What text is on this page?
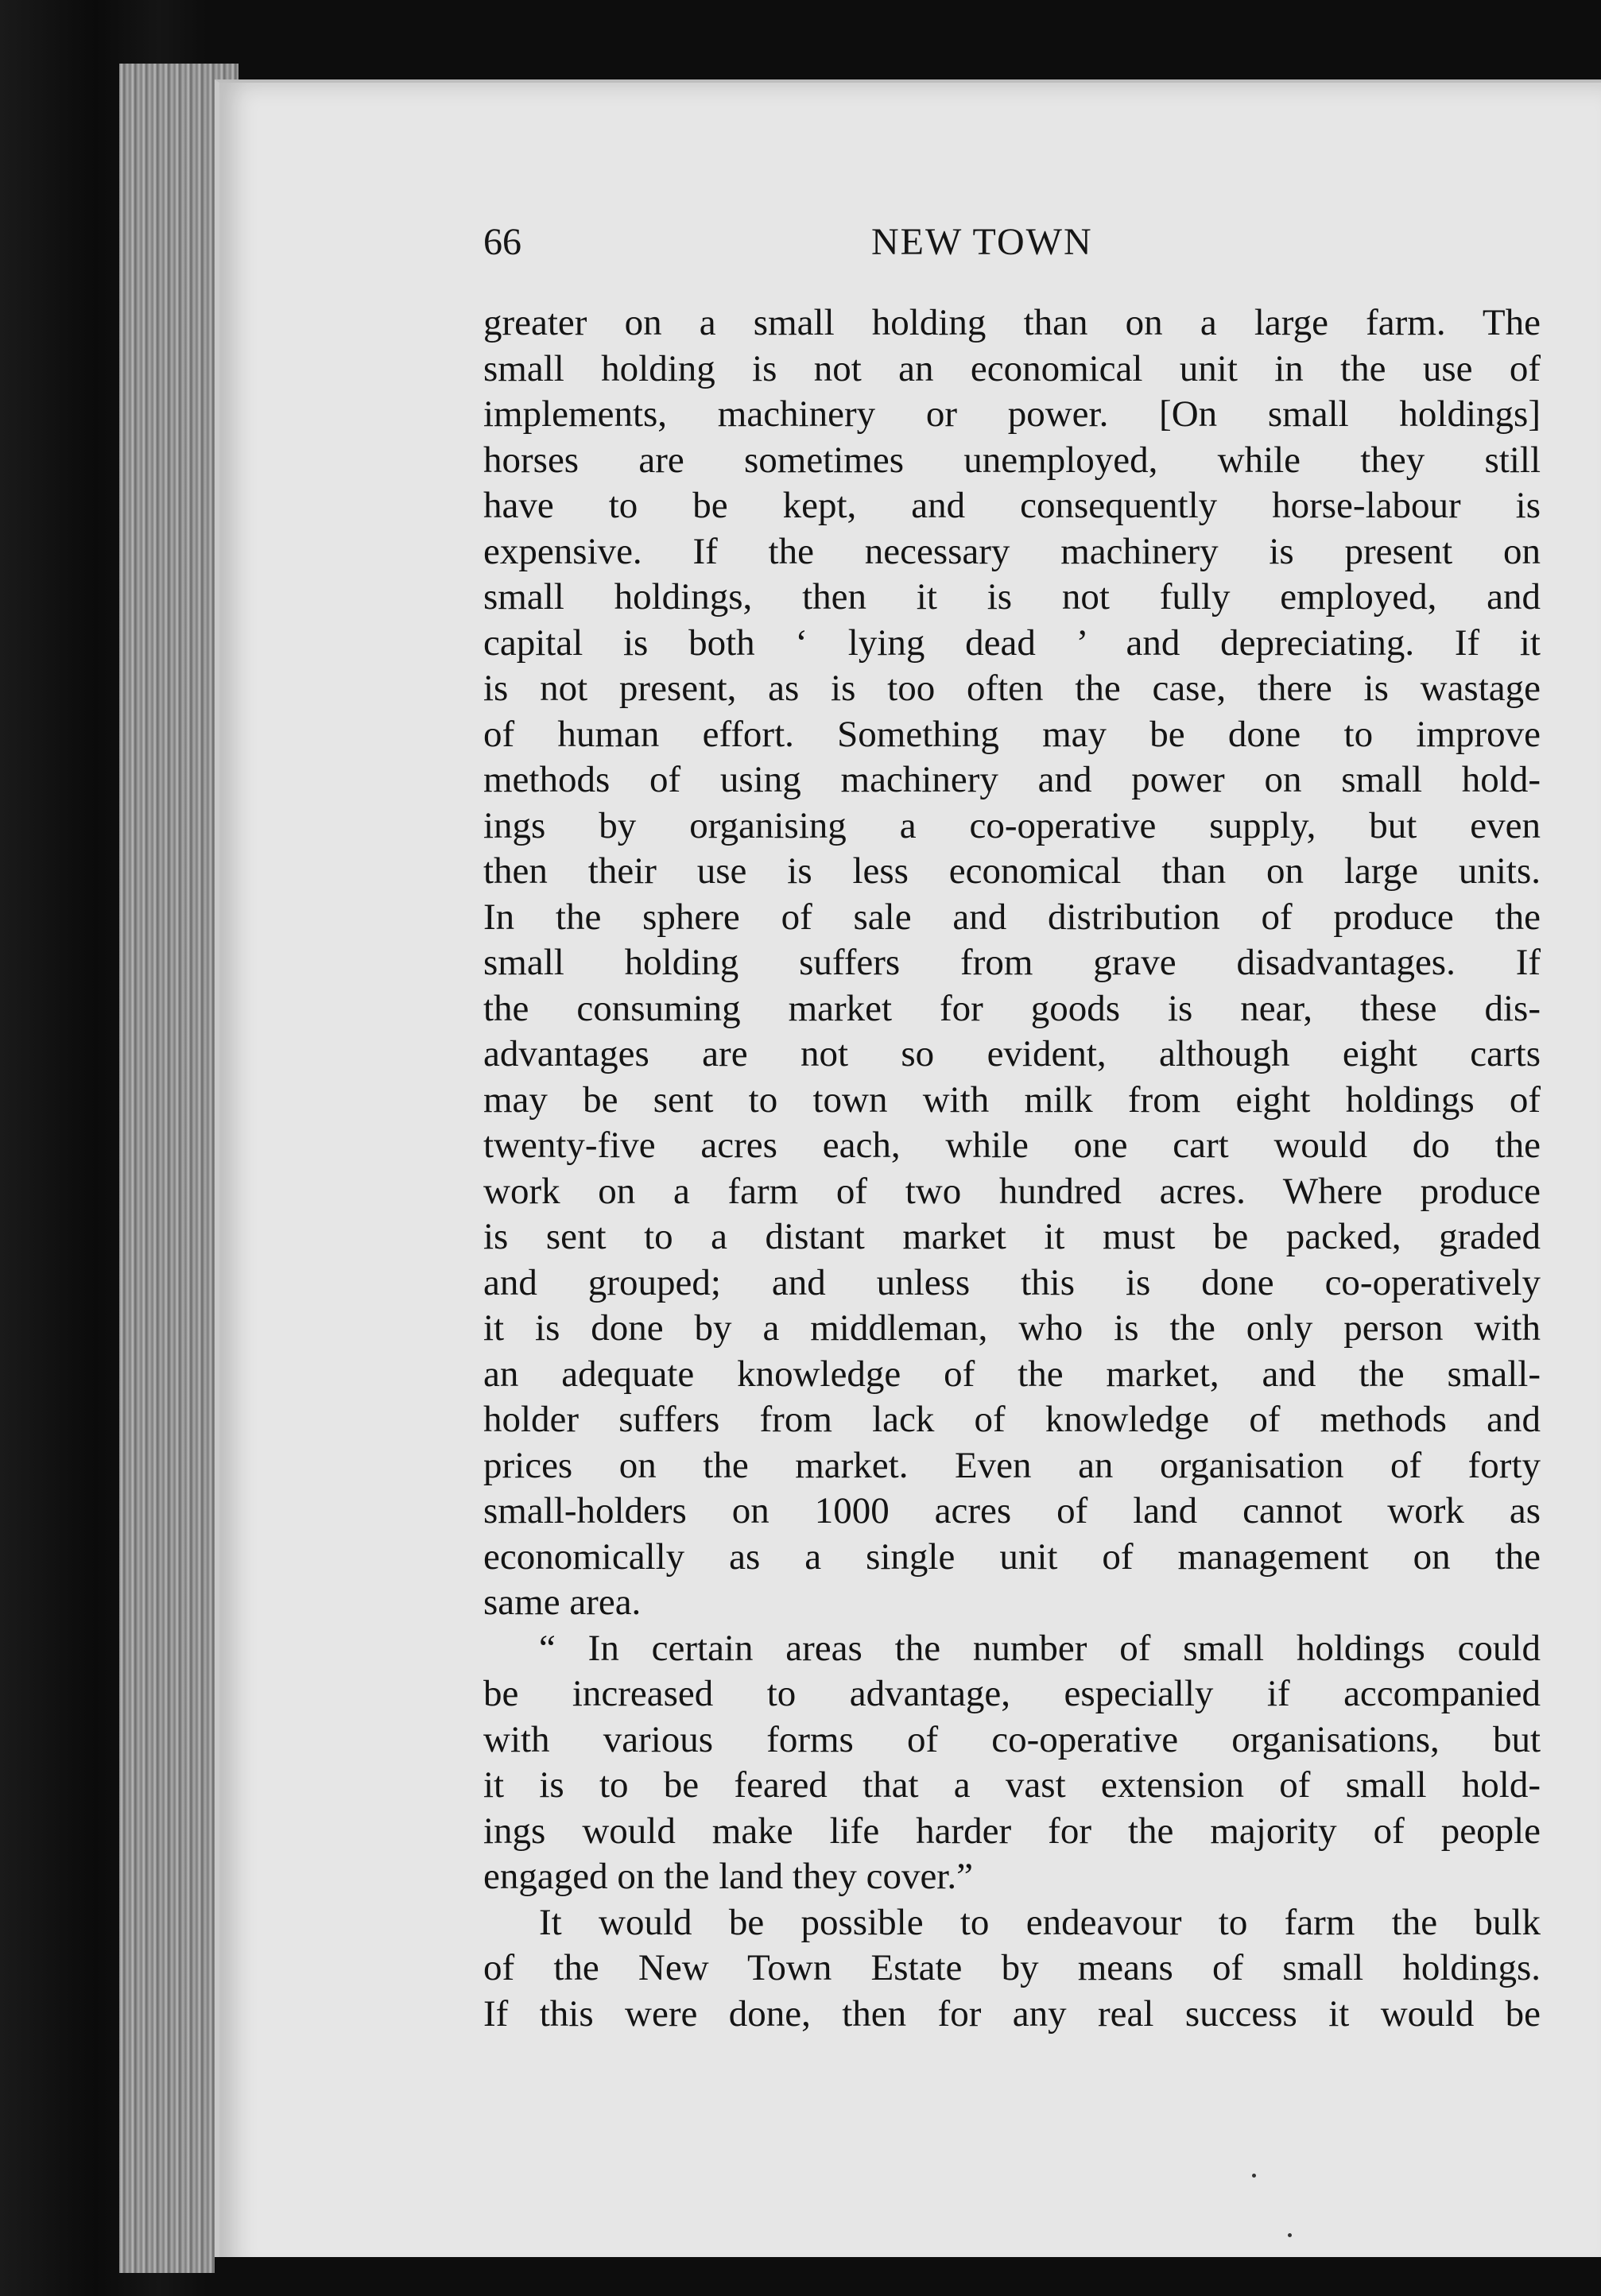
66	NEW TOWN
greater on a small holding than on a large farm. The
small holding is not an economical unit in the use of
implements, machinery or power. [On small holdings]
horses are sometimes unemployed, while they still
have to be kept, and consequently horse-labour is
expensive. If the necessary machinery is present on
small holdings, then it is not fully employed, and
capital is both ‘ lying dead ’ and depreciating. If it
is not present, as is too often the case, there is wastage
of human effort. Something may be done to improve
methods of using machinery and power on small hold-
ings by organising a co-operative supply, but even
then their use is less economical than on large units.
In the sphere of sale and distribution of produce the
small holding suffers from grave disadvantages. If
the consuming market for goods is near, these dis-
advantages are not so evident, although eight carts
may be sent to town with milk from eight holdings of
twenty-five acres each, while one cart would do the
work on a farm of two hundred acres. Where produce
is sent to a distant market it must be packed, graded
and grouped; and unless this is done co-operatively
it is done by a middleman, who is the only person with
an adequate knowledge of the market, and the small-
holder suffers from lack of knowledge of methods and
prices on the market. Even an organisation of forty
small-holders on 1000 acres of land cannot work as
economically as a single unit of management on the
same area.
“ In certain areas the number of small holdings could
be increased to advantage, especially if accompanied
with various forms of co-operative organisations, but
it is to be feared that a vast extension of small hold-
ings would make life harder for the majority of people
engaged on the land they cover.”
It would be possible to endeavour to farm the bulk
of the New Town Estate by means of small holdings.
If this were done, then for any real success it would be
